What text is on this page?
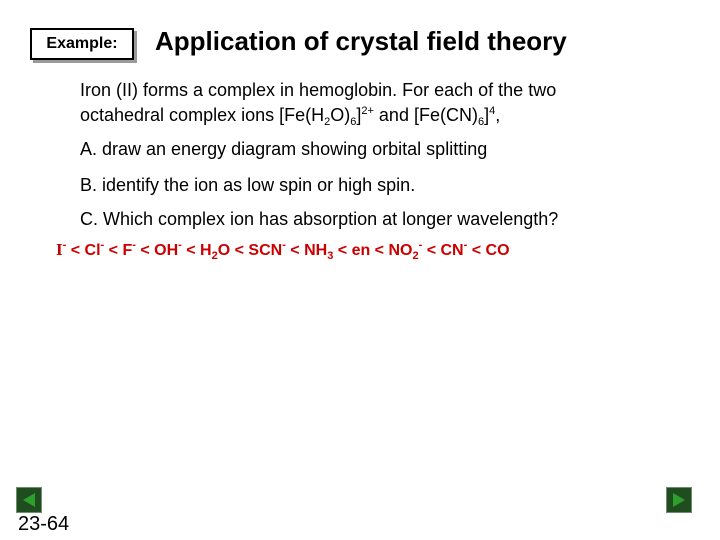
Example: Application of crystal field theory
Iron (II) forms a complex in hemoglobin. For each of the two
octahedral complex ions $[Fe(H_2O)_6]^{2+}$ and $[Fe(CN)_6]^4$,
A. draw an energy diagram showing orbital splitting
B. identify the ion as low spin or high spin.
C. Which complex ion has absorption at longer wavelength?
$I^- < Cl^- < F^- < OH^- < H_2O < SCN^- < NH_3$ < en < $NO_2^- < CN^-$ < CO
23-64
